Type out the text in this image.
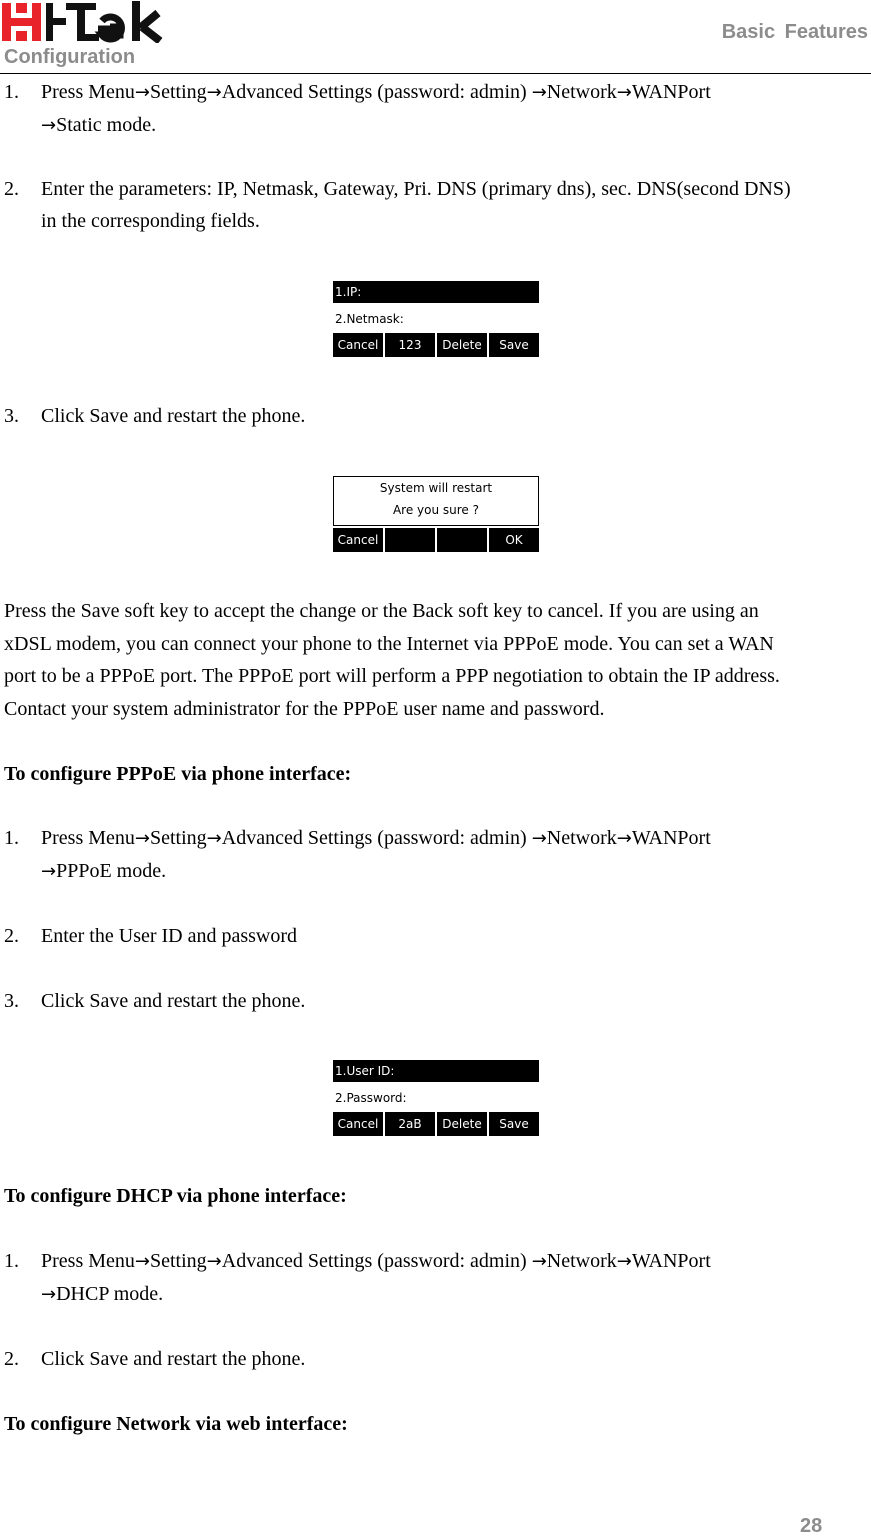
Configuration
Basic Features
1. Press Menu→Setting→Advanced Settings (password: admin) →Network→WANPort
→Static mode.
2. Enter the parameters: IP, Netmask, Gateway, Pri. DNS (primary dns), sec. DNS(second DNS)
in the corresponding fields.
1.IP:
2.Netmask:
Cancel	123	Delete	Save
3. Click Save and restart the phone.
System will restart
Are you sure ?
Cancel	OK
Press the Save soft key to accept the change or the Back soft key to cancel. If you are using an
xDSL modem, you can connect your phone to the Internet via PPPoE mode. You can set a WAN
port to be a PPPoE port. The PPPoE port will perform a PPP negotiation to obtain the IP address.
Contact your system administrator for the PPPoE user name and password.
To configure PPPoE via phone interface:
1. Press Menu→Setting→Advanced Settings (password: admin) →Network→WANPort
→PPPoE mode.
2. Enter the User ID and password
3. Click Save and restart the phone.
1.User ID:
2.Password:
Cancel	2aB	Delete	Save
To configure DHCP via phone interface:
1. Press Menu→Setting→Advanced Settings (password: admin) →Network→WANPort
→DHCP mode.
2. Click Save and restart the phone.
To configure Network via web interface:
28
